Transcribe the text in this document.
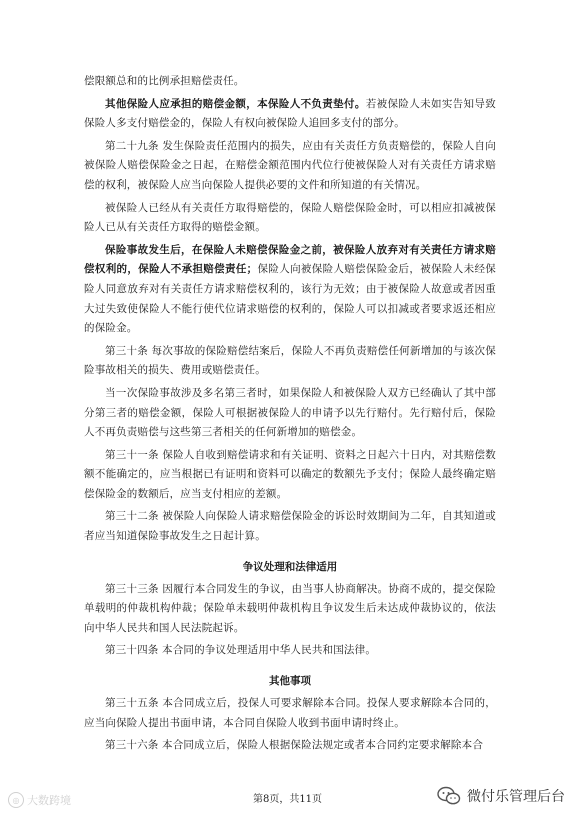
偿限额总和的比例承担赔偿责任。

其他保险人应承担的赔偿金额，本保险人不负责垫付。若被保险人未如实告知导致保险人多支付赔偿金的，保险人有权向被保险人追回多支付的部分。

第二十九条 发生保险责任范围内的损失，应由有关责任方负责赔偿的，保险人自向被保险人赔偿保险金之日起，在赔偿金额范围内代位行使被保险人对有关责任方请求赔偿的权利，被保险人应当向保险人提供必要的文件和所知道的有关情况。

被保险人已经从有关责任方取得赔偿的，保险人赔偿保险金时，可以相应扣减被保险人已从有关责任方取得的赔偿金额。

保险事故发生后，在保险人未赔偿保险金之前，被保险人放弃对有关责任方请求赔偿权利的，保险人不承担赔偿责任；保险人向被保险人赔偿保险金后，被保险人未经保险人同意放弃对有关责任方请求赔偿权利的，该行为无效；由于被保险人故意或者因重大过失致使保险人不能行使代位请求赔偿的权利的，保险人可以扣减或者要求返还相应的保险金。

第三十条 每次事故的保险赔偿结案后，保险人不再负责赔偿任何新增加的与该次保险事故相关的损失、费用或赔偿责任。

当一次保险事故涉及多名第三者时，如果保险人和被保险人双方已经确认了其中部分第三者的赔偿金额，保险人可根据被保险人的申请予以先行赔付。先行赔付后，保险人不再负责赔偿与这些第三者相关的任何新增加的赔偿金。

第三十一条 保险人自收到赔偿请求和有关证明、资料之日起六十日内，对其赔偿数额不能确定的，应当根据已有证明和资料可以确定的数额先予支付；保险人最终确定赔偿保险金的数额后，应当支付相应的差额。

第三十二条 被保险人向保险人请求赔偿保险金的诉讼时效期间为二年，自其知道或者应当知道保险事故发生之日起计算。

争议处理和法律适用

第三十三条 因履行本合同发生的争议，由当事人协商解决。协商不成的，提交保险单载明的仲裁机构仲裁；保险单未载明仲裁机构且争议发生后未达成仲裁协议的，依法向中华人民共和国人民法院起诉。

第三十四条 本合同的争议处理适用中华人民共和国法律。

其他事项

第三十五条 本合同成立后，投保人可要求解除本合同。投保人要求解除本合同的，应当向保险人提出书面申请，本合同自保险人收到书面申请时终止。

第三十六条 本合同成立后，保险人根据保险法规定或者本合同约定要求解除本合

◎ 大数跨境	第8页，共11页	微付乐管理后台
